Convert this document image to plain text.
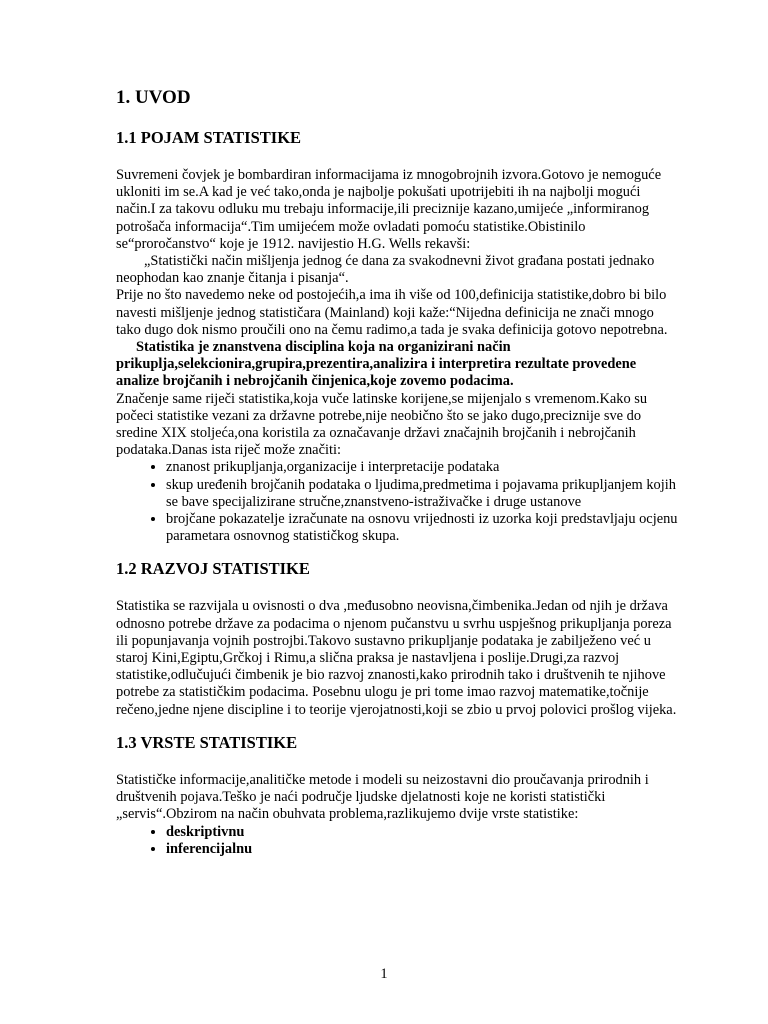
1. UVOD
1.1 POJAM STATISTIKE

Suvremeni čovjek je bombardiran informacijama iz mnogobrojnih izvora.Gotovo je nemoguće ukloniti im se.A kad je već tako,onda je najbolje pokušati upotrijebiti ih na najbolji mogući način.I za takovu odluku mu trebaju informacije,ili preciznije kazano,umijeće „informiranog potrošača informacija“.Tim umijećem može ovladati pomoću statistike.Obistinilo se“proročanstvo“ koje je 1912. navijestio H.G. Wells rekavši:

„Statistički način mišljenja jednog će dana za svakodnevni život građana postati jednako neophodan kao znanje čitanja i pisanja“.

Prije no što navedemo neke od postojećih,a ima ih više od 100,definicija statistike,dobro bi bilo navesti mišljenje jednog statističara (Mainland) koji kaže:“Nijedna definicija ne znači mnogo tako dugo dok nismo proučili ono na čemu radimo,a tada je svaka definicija gotovo nepotrebna.

Statistika je znanstvena disciplina koja na organizirani način prikuplja,selekcionira,grupira,prezentira,analizira i interpretira rezultate provedene analize brojčanih i nebrojčanih činjenica,koje zovemo podacima.

Značenje same riječi statistika,koja vuče latinske korijene,se mijenjalo s vremenom.Kako su počeci statistike vezani za državne potrebe,nije neobično što se jako dugo,preciznije sve do sredine XIX stoljeća,ona koristila za označavanje državi značajnih brojčanih i nebrojčanih podataka.Danas ista riječ može značiti:

• znanost prikupljanja,organizacije i interpretacije podataka
• skup uređenih brojčanih podataka o ljudima,predmetima i pojavama prikupljanjem kojih se bave specijalizirane stručne,znanstveno-istraživačke i druge ustanove
• brojčane pokazatelje izračunate na osnovu vrijednosti iz uzorka koji predstavljaju ocjenu parametara osnovnog statističkog skupa.
1.2 RAZVOJ STATISTIKE

Statistika se razvijala u ovisnosti o dva ,međusobno neovisna,čimbenika.Jedan od njih je država odnosno potrebe države za podacima o njenom pučanstvu u svrhu uspješnog prikupljanja poreza ili popunjavanja vojnih postrojbi.Takovo sustavno prikupljanje podataka je zabilježeno već u staroj Kini,Egiptu,Grčkoj i Rimu,a slična praksa je nastavljena i poslije.Drugi,za razvoj statistike,odlučujući čimbenik je bio razvoj znanosti,kako prirodnih tako i društvenih te njihove potrebe za statističkim podacima. Posebnu ulogu je pri tome imao razvoj matematike,točnije rečeno,jedne njene discipline i to teorije vjerojatnosti,koji se zbio u prvoj polovici prošlog vijeka.

1.3 VRSTE STATISTIKE

Statističke informacije,analitičke metode i modeli su neizostavni dio proučavanja prirodnih i društvenih pojava.Teško je naći područje ljudske djelatnosti koje ne koristi statistički „servis“.Obzirom na način obuhvata problema,razlikujemo dvije vrste statistike:

• deskriptivnu
• inferencijalnu
1
